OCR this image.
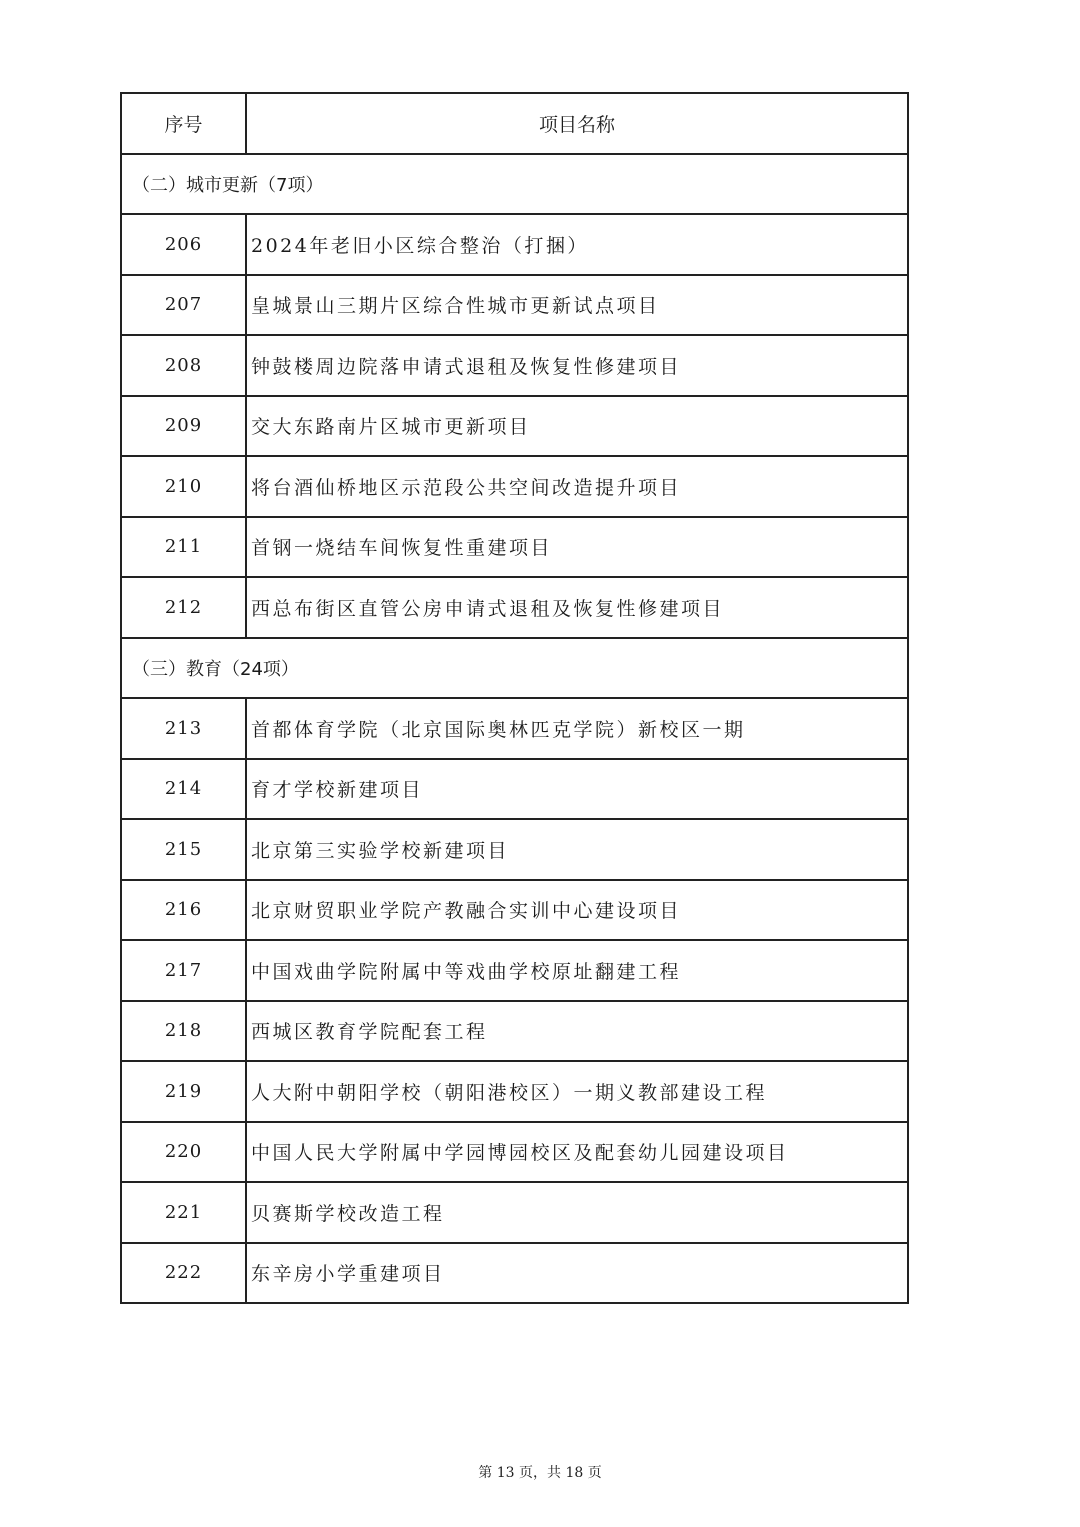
序号	项目名称
（二）城市更新（7项）	
206	2024年老旧小区综合整治（打捆）
207	皇城景山三期片区综合性城市更新试点项目
208	钟鼓楼周边院落申请式退租及恢复性修建项目
209	交大东路南片区城市更新项目
210	将台酒仙桥地区示范段公共空间改造提升项目
211	首钢一烧结车间恢复性重建项目
212	西总布街区直管公房申请式退租及恢复性修建项目
（三）教育（24项）	
213	首都体育学院（北京国际奥林匹克学院）新校区一期
214	育才学校新建项目
215	北京第三实验学校新建项目
216	北京财贸职业学院产教融合实训中心建设项目
217	中国戏曲学院附属中等戏曲学校原址翻建工程
218	西城区教育学院配套工程
219	人大附中朝阳学校（朝阳港校区）一期义教部建设工程
220	中国人民大学附属中学园博园校区及配套幼儿园建设项目
221	贝赛斯学校改造工程
222	东辛房小学重建项目
第 13 页，共 18 页
